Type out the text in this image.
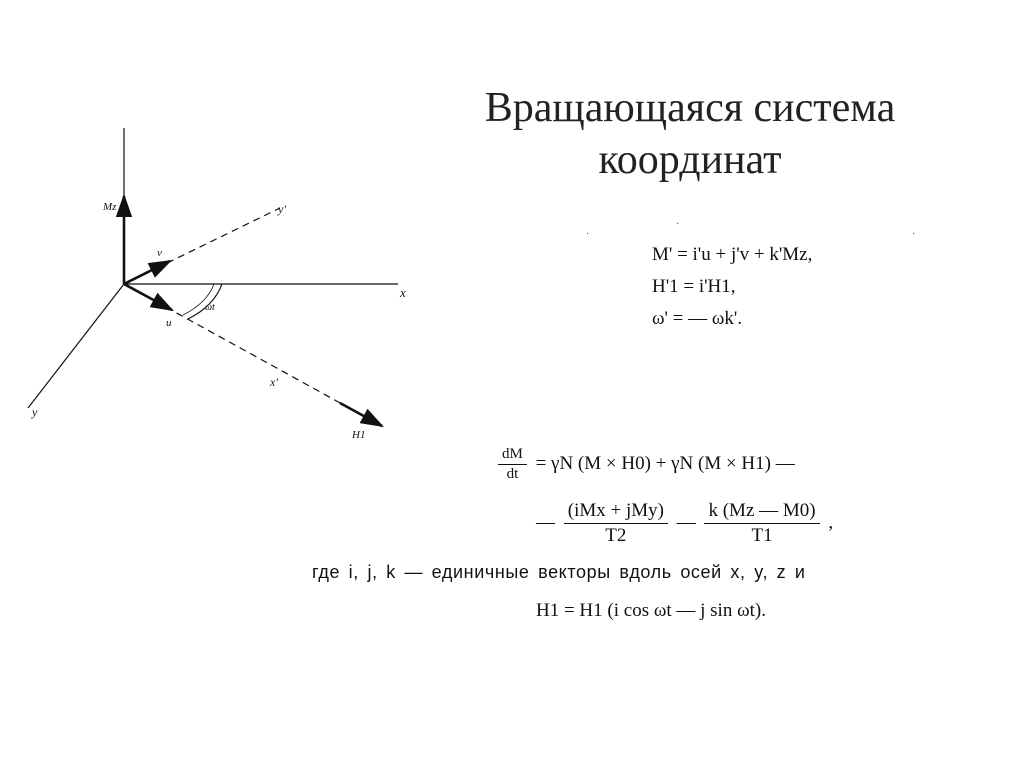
Вращающаяся система
координат
Mz	y'
v
x
ωt
u
x'
y
H1
.
.
.
M' = i'u + j'v + k'Mz,
H'1 = i'H1,
ω' = — ωk'.
$\frac{dM}{dt} = \gamma N$ (M × H0) + γN (M × H1) —
— $\frac{\text{(iMx + jMy)}}{T2}$ — $\frac{k (Mz — M0)}{T1}$ ,
где i, j, k — единичные векторы вдоль осей x, y, z и
H1 = H1 (i cos ωt — j sin ωt).
